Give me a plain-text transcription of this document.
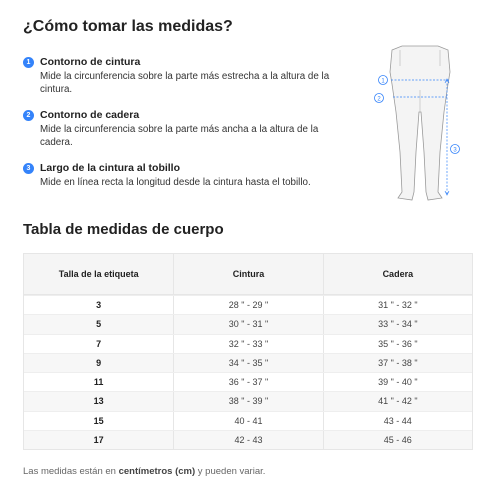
¿Cómo tomar las medidas?
1 Contorno de cintura
Mide la circunferencia sobre la parte más estrecha a la altura de la cintura.
2 Contorno de cadera
Mide la circunferencia sobre la parte más ancha a la altura de la cadera.
3 Largo de la cintura al tobillo
Mide en línea recta la longitud desde la cintura hasta el tobillo.
1
2
3
Tabla de medidas de cuerpo
Talla de la etiqueta	Cintura	Cadera
3	28 " - 29 "	31 " - 32 "
5	30 " - 31 "	33 " - 34 "
7	32 " - 33 "	35 " - 36 "
9	34 " - 35 "	37 " - 38 "
11	36 " - 37 "	39 " - 40 "
13	38 " - 39 "	41 " - 42 "
15	40 - 41	43 - 44
17	42 - 43	45 - 46
Las medidas están en centímetros (cm) y pueden variar.
